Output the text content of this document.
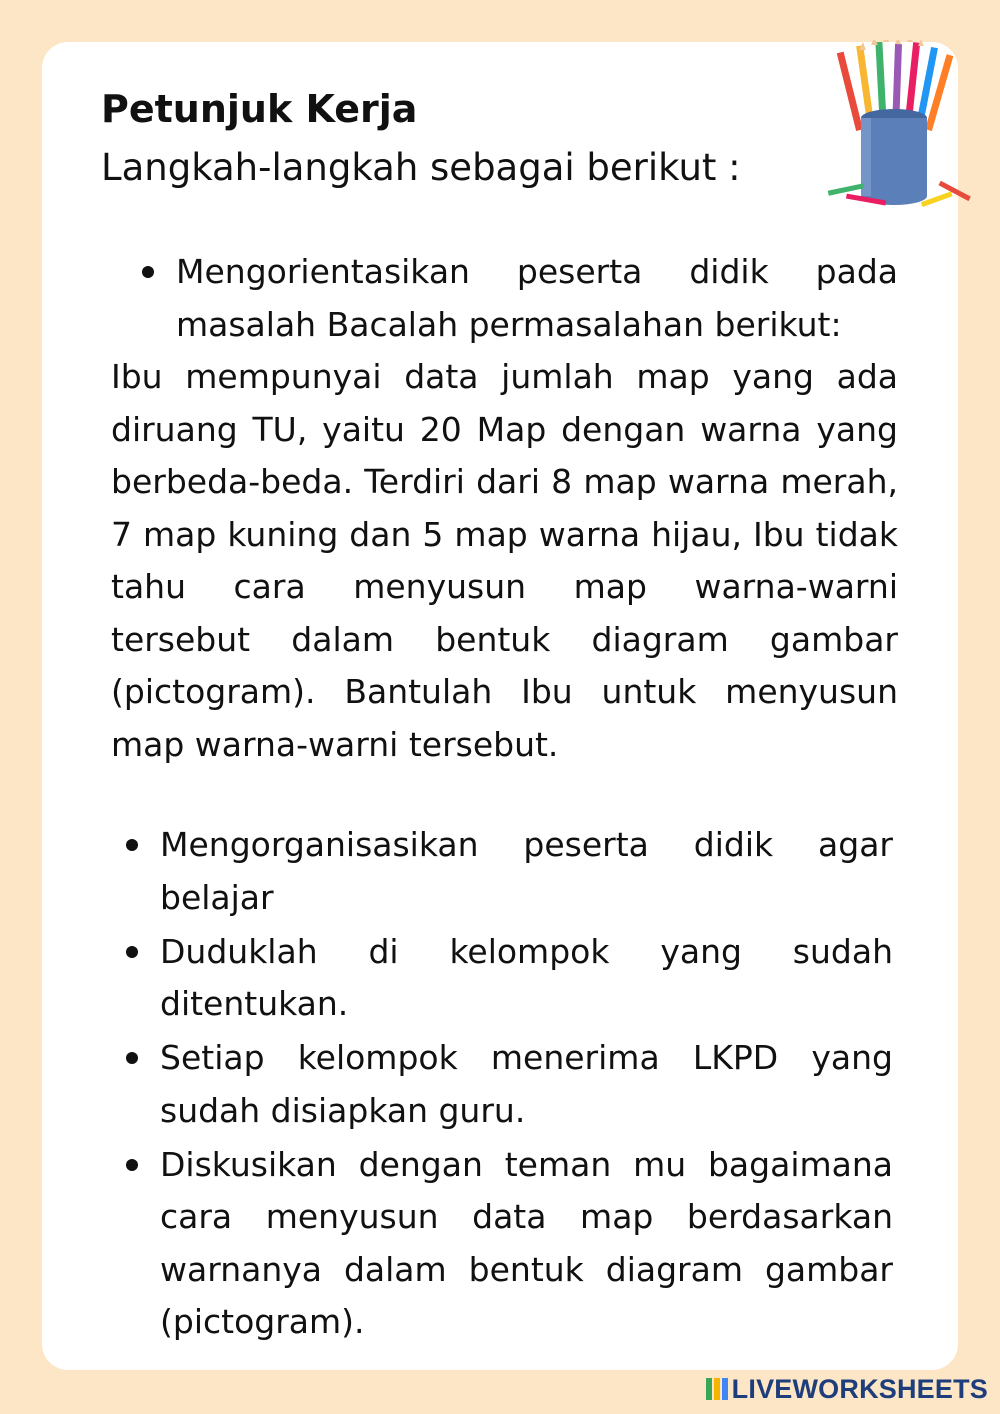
Petunjuk Kerja
Langkah-langkah sebagai berikut :
Mengorientasikan peserta didik pada masalah Bacalah permasalahan berikut:
Ibu mempunyai data jumlah map yang ada diruang TU, yaitu 20 Map dengan warna yang berbeda-beda. Terdiri dari 8 map warna merah, 7 map kuning dan 5 map warna hijau, Ibu tidak tahu cara menyusun map warna-warni tersebut dalam bentuk diagram gambar (pictogram). Bantulah Ibu untuk menyusun map warna-warni tersebut.
Mengorganisasikan peserta didik agar belajar
Duduklah di kelompok yang sudah ditentukan.
Setiap kelompok menerima LKPD yang sudah disiapkan guru.
Diskusikan dengan teman mu bagaimana cara menyusun data map berdasarkan warnanya dalam bentuk diagram gambar (pictogram).
LIVEWORKSHEETS
